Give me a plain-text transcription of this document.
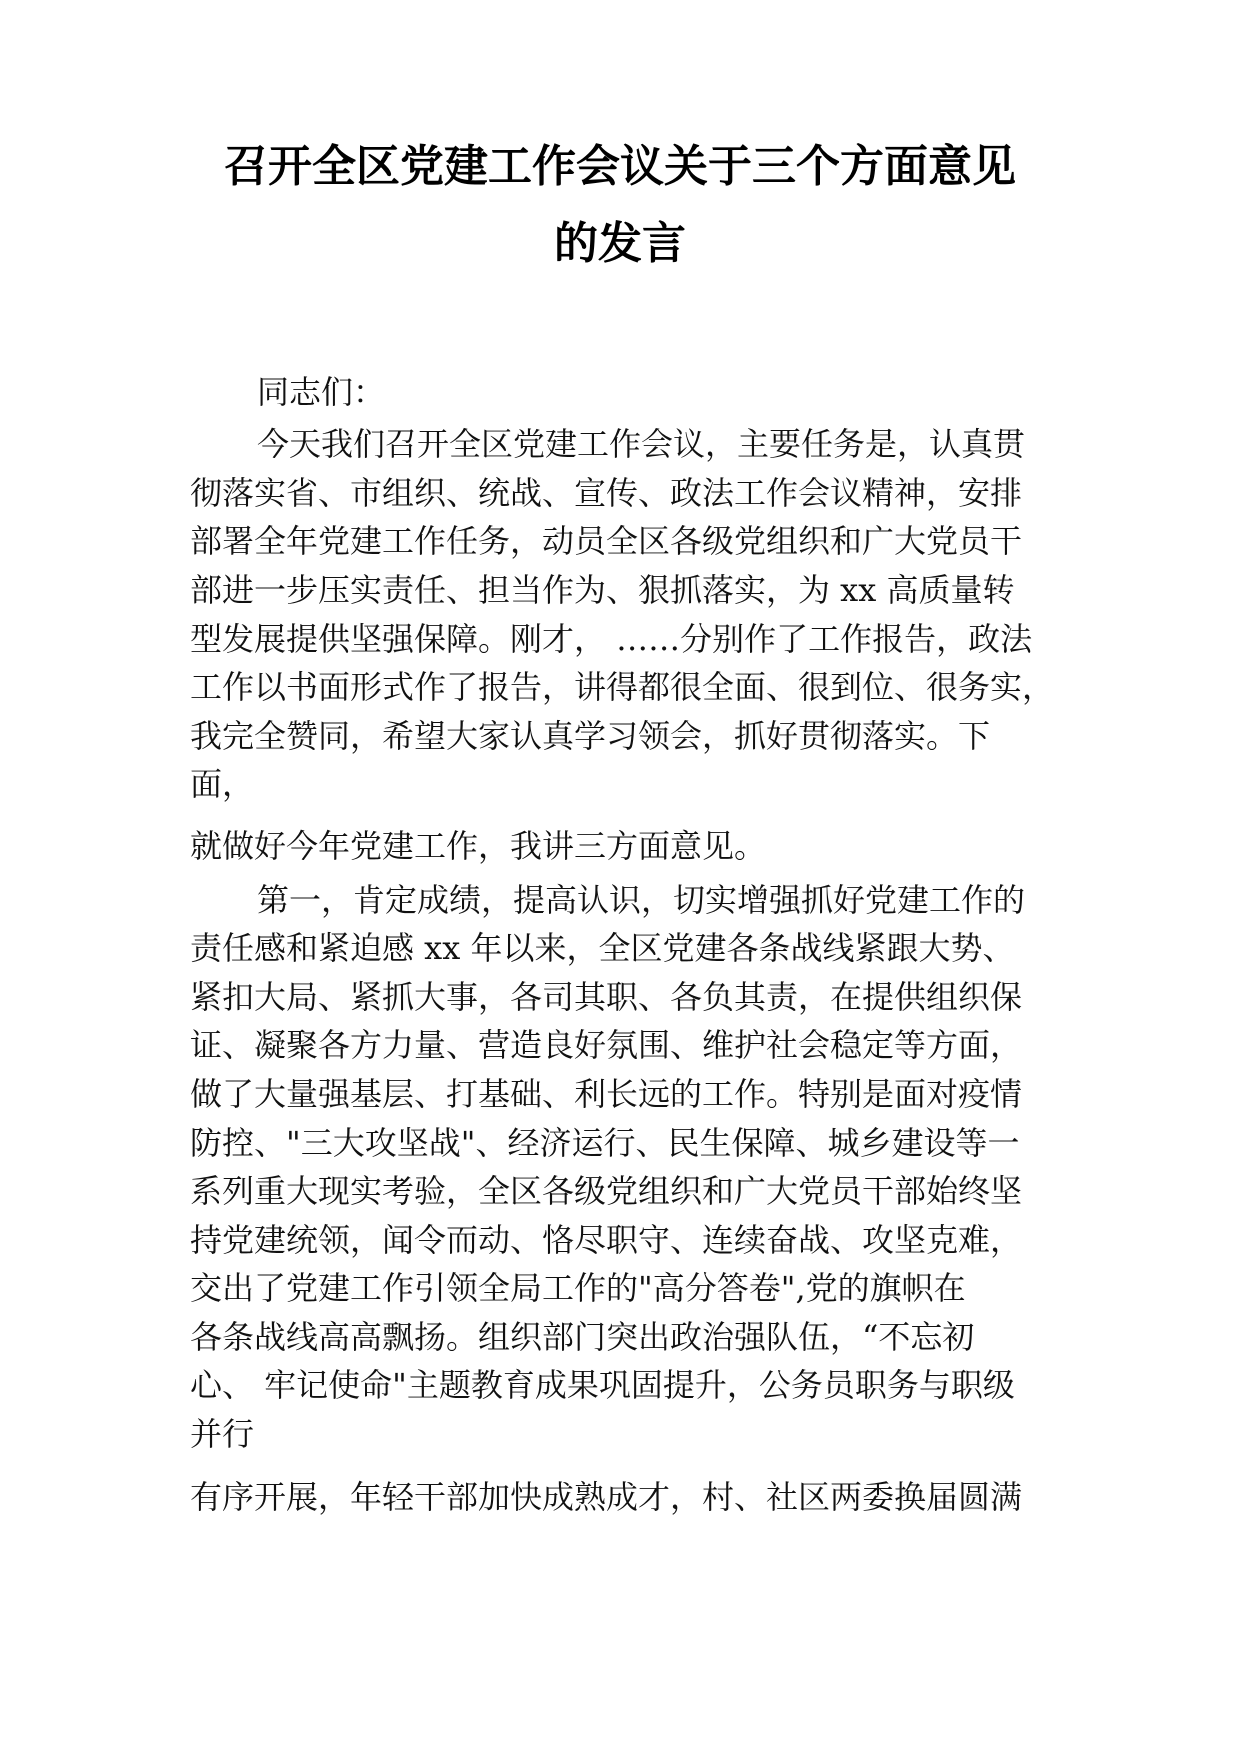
召开全区党建工作会议关于三个方面意见
的发言
同志们：
今天我们召开全区党建工作会议，主要任务是，认真贯
彻落实省、市组织、统战、宣传、政法工作会议精神，安排
部署全年党建工作任务，动员全区各级党组织和广大党员干
部进一步压实责任、担当作为、狠抓落实，为 xx 高质量转
型发展提供坚强保障。刚才， ……分别作了工作报告，政法
工作以书面形式作了报告，讲得都很全面、很到位、很务实，
我完全赞同，希望大家认真学习领会，抓好贯彻落实。下
面，
就做好今年党建工作，我讲三方面意见。
第一，肯定成绩，提高认识，切实增强抓好党建工作的
责任感和紧迫感 xx 年以来，全区党建各条战线紧跟大势、
紧扣大局、紧抓大事，各司其职、各负其责，在提供组织保
证、凝聚各方力量、营造良好氛围、维护社会稳定等方面，
做了大量强基层、打基础、利长远的工作。特别是面对疫情
防控、"三大攻坚战"、经济运行、民生保障、城乡建设等一
系列重大现实考验，全区各级党组织和广大党员干部始终坚
持党建统领，闻令而动、恪尽职守、连续奋战、攻坚克难，
交出了党建工作引领全局工作的"高分答卷",党的旗帜在
各条战线高高飘扬。组织部门突出政治强队伍，“不忘初
心、 牢记使命"主题教育成果巩固提升，公务员职务与职级
并行
有序开展，年轻干部加快成熟成才，村、社区两委换届圆满
